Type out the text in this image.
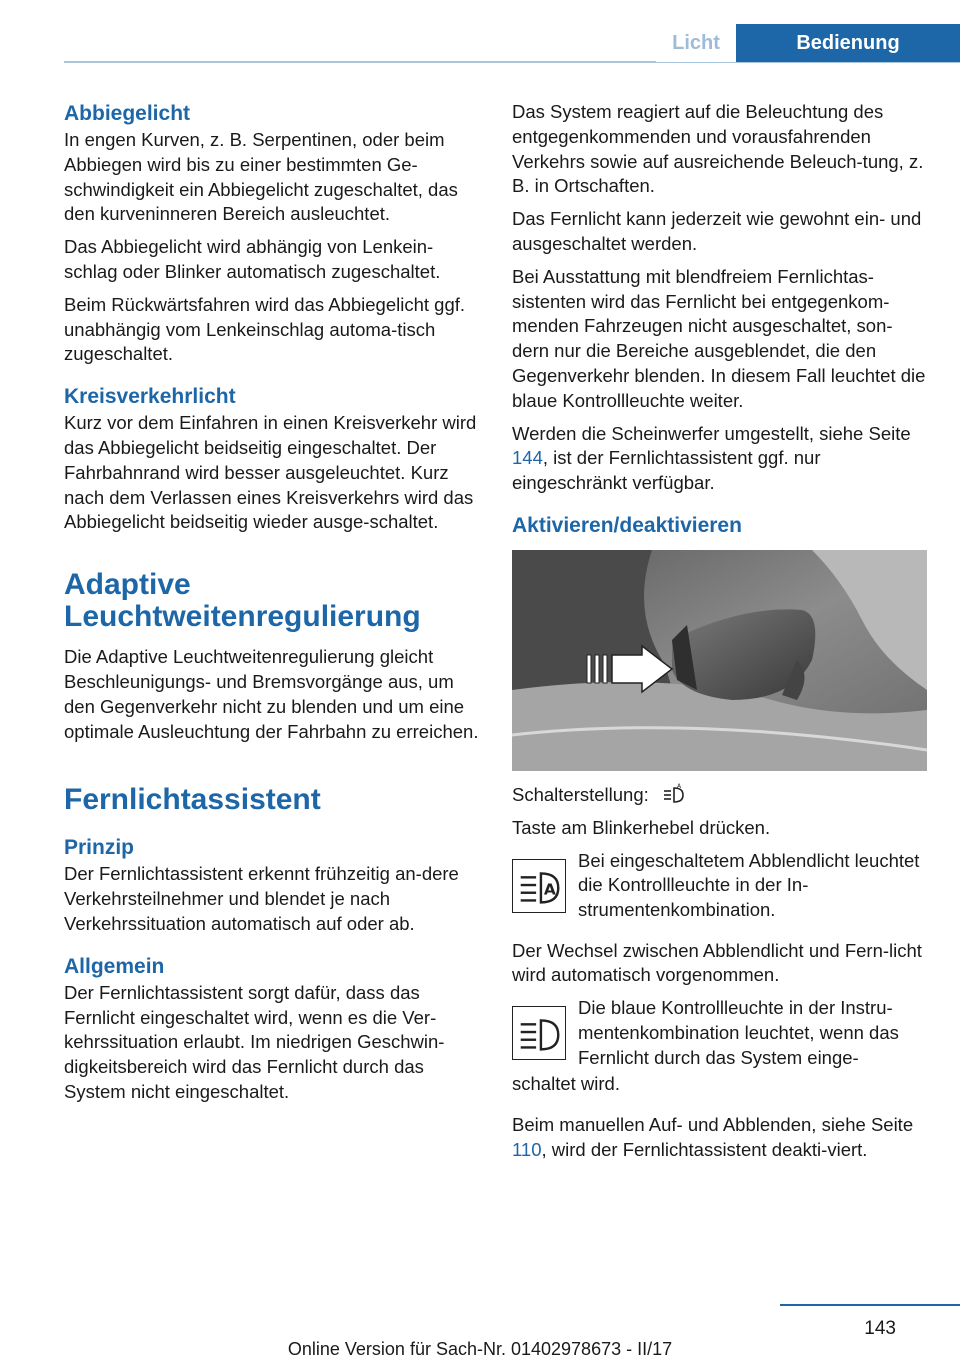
Licht	Bedienung
Abbiegelicht

In engen Kurven, z. B. Serpentinen, oder beim Abbiegen wird bis zu einer bestimmten Ge-schwindigkeit ein Abbiegelicht zugeschaltet, das den kurveninneren Bereich ausleuchtet.

Das Abbiegelicht wird abhängig von Lenkein-schlag oder Blinker automatisch zugeschaltet.

Beim Rückwärtsfahren wird das Abbiegelicht ggf. unabhängig vom Lenkeinschlag automa-tisch zugeschaltet.

Kreisverkehrlicht

Kurz vor dem Einfahren in einen Kreisverkehr wird das Abbiegelicht beidseitig eingeschaltet. Der Fahrbahnrand wird besser ausgeleuchtet. Kurz nach dem Verlassen eines Kreisverkehrs wird das Abbiegelicht beidseitig wieder ausge-schaltet.

Adaptive
Leuchtweitenregulierung

Die Adaptive Leuchtweitenregulierung gleicht Beschleunigungs- und Bremsvorgänge aus, um den Gegenverkehr nicht zu blenden und um eine optimale Ausleuchtung der Fahrbahn zu erreichen.

Fernlichtassistent
Prinzip

Der Fernlichtassistent erkennt frühzeitig an-dere Verkehrsteilnehmer und blendet je nach Verkehrssituation automatisch auf oder ab.

Allgemein

Der Fernlichtassistent sorgt dafür, dass das Fernlicht eingeschaltet wird, wenn es die Ver-kehrssituation erlaubt. Im niedrigen Geschwin-digkeitsbereich wird das Fernlicht durch das System nicht eingeschaltet.

Das System reagiert auf die Beleuchtung des entgegenkommenden und vorausfahrenden Verkehrs sowie auf ausreichende Beleuch-tung, z. B. in Ortschaften.

Das Fernlicht kann jederzeit wie gewohnt ein- und ausgeschaltet werden.

Bei Ausstattung mit blendfreiem Fernlichtas-sistenten wird das Fernlicht bei entgegenkom-menden Fahrzeugen nicht ausgeschaltet, son-dern nur die Bereiche ausgeblendet, die den Gegenverkehr blenden. In diesem Fall leuchtet die blaue Kontrollleuchte weiter.

Werden die Scheinwerfer umgestellt, siehe Seite 144, ist der Fernlichtassistent ggf. nur eingeschränkt verfügbar.

Aktivieren/deaktivieren

Schalterstellung:	A

Taste am Blinkerhebel drücken.

A

Bei eingeschaltetem Abblendlicht leuchtet die Kontrollleuchte in der In-strumentenkombination.

Der Wechsel zwischen Abblendlicht und Fern-licht wird automatisch vorgenommen.

Die blaue Kontrollleuchte in der Instru-mentenkombination leuchtet, wenn das Fernlicht durch das System einge-

schaltet wird.

Beim manuellen Auf- und Abblenden, siehe Seite 110, wird der Fernlichtassistent deakti-viert.

143
Online Version für Sach-Nr. 01402978673 - II/17
